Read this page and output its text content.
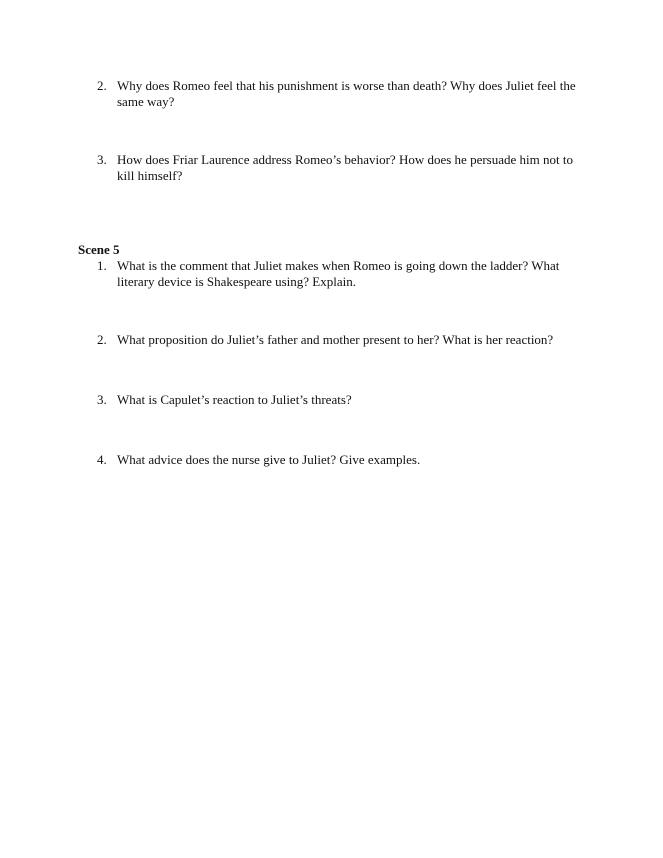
2. Why does Romeo feel that his punishment is worse than death? Why does Juliet feel the same way?
3. How does Friar Laurence address Romeo’s behavior? How does he persuade him not to kill himself?
Scene 5
1. What is the comment that Juliet makes when Romeo is going down the ladder? What literary device is Shakespeare using? Explain.
2. What proposition do Juliet’s father and mother present to her? What is her reaction?
3. What is Capulet’s reaction to Juliet’s threats?
4. What advice does the nurse give to Juliet? Give examples.
